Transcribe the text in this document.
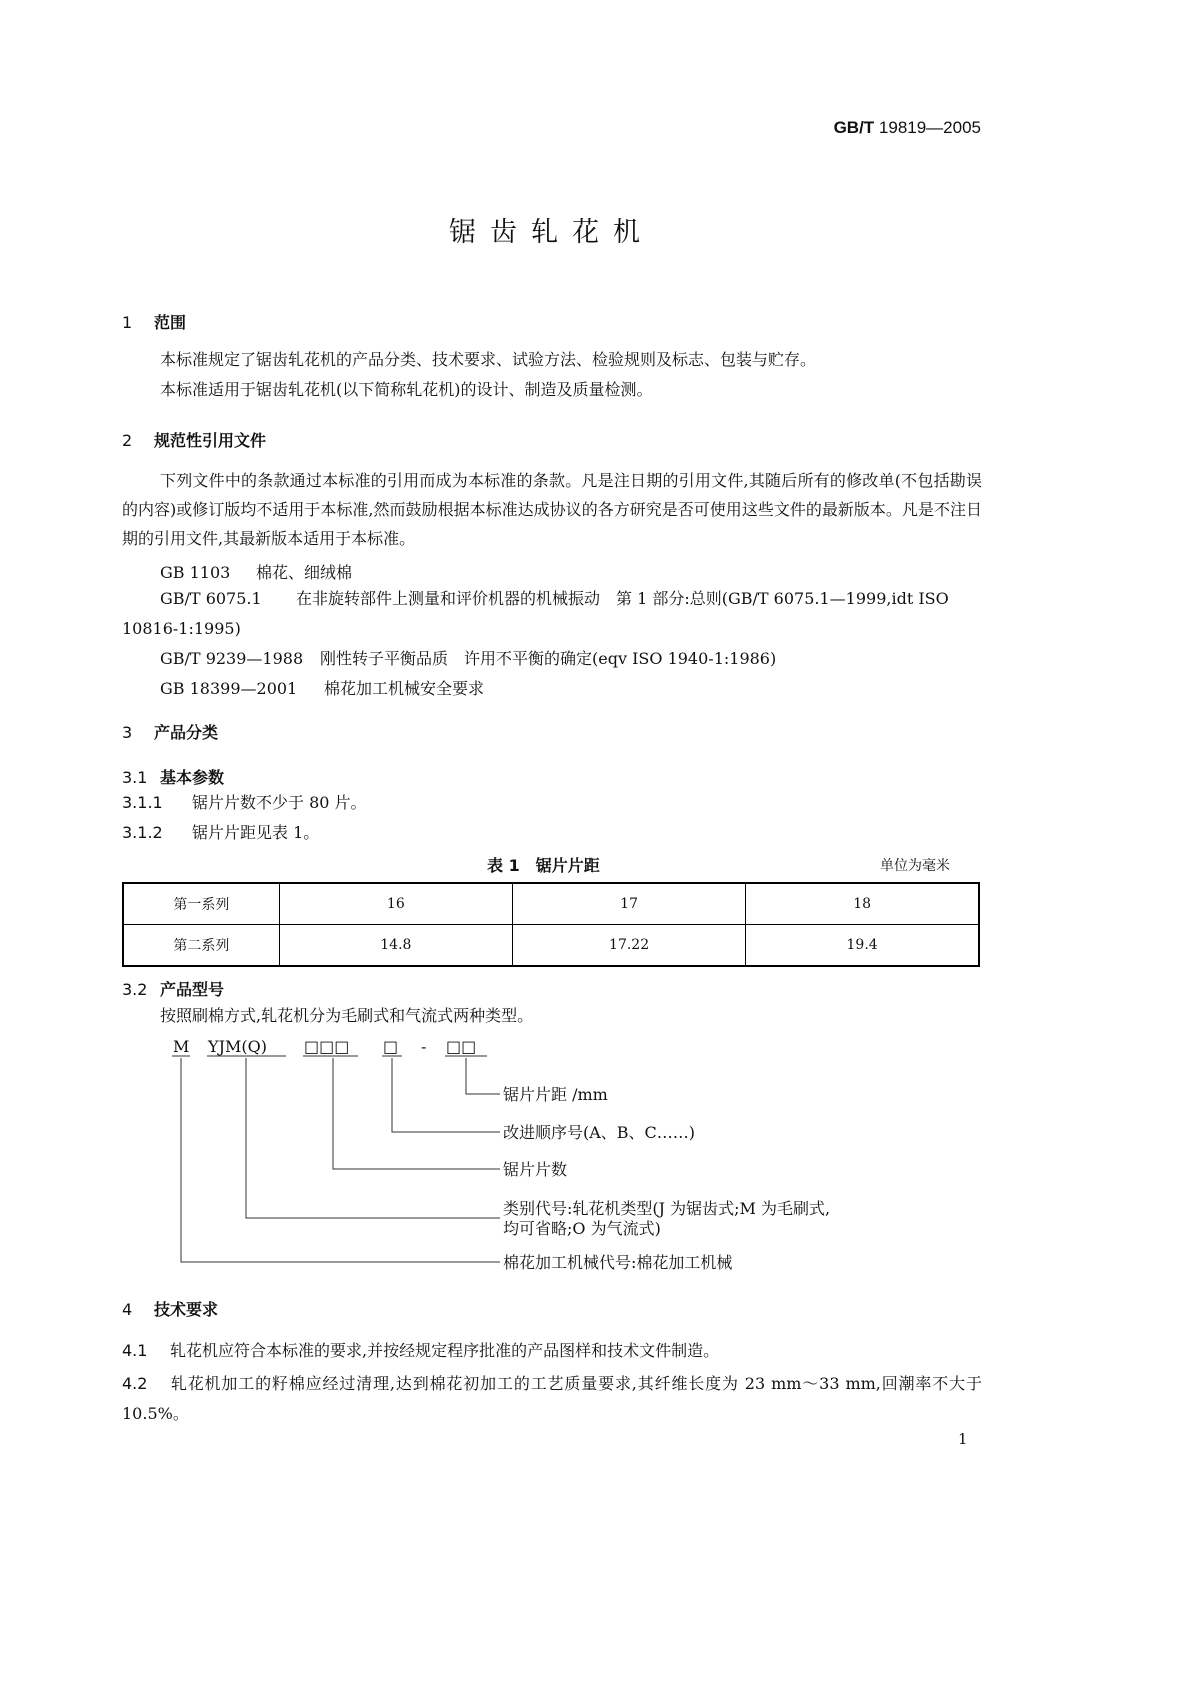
GB/T 19819—2005
锯齿轧花机
1 范围
本标准规定了锯齿轧花机的产品分类、技术要求、试验方法、检验规则及标志、包装与贮存。
本标准适用于锯齿轧花机(以下简称轧花机)的设计、制造及质量检测。
2 规范性引用文件
下列文件中的条款通过本标准的引用而成为本标准的条款。凡是注日期的引用文件,其随后所有的修改单(不包括勘误的内容)或修订版均不适用于本标准,然而鼓励根据本标准达成协议的各方研究是否可使用这些文件的最新版本。凡是不注日期的引用文件,其最新版本适用于本标准。
GB 1103 棉花、细绒棉
GB/T 6075.1 在非旋转部件上测量和评价机器的机械振动　第 1 部分:总则(GB/T 6075.1—1999,idt ISO 10816-1:1995)
GB/T 9239—1988 刚性转子平衡品质　许用不平衡的确定(eqv ISO 1940-1:1986)
GB 18399—2001 棉花加工机械安全要求
3 产品分类
3.1 基本参数
3.1.1 锯片片数不少于 80 片。
3.1.2 锯片片距见表 1。
表 1　锯片片距	单位为毫米
第一系列	16	17	18
第二系列	14.8	17.22	19.4
3.2 产品型号
按照刷棉方式,轧花机分为毛刷式和气流式两种类型。
M YJM(Q) □□□ □ - □□
锯片片距 /mm
改进顺序号(A、B、C……)
锯片片数
类别代号:轧花机类型(J 为锯齿式;M 为毛刷式,
均可省略;O 为气流式)
棉花加工机械代号:棉花加工机械
4 技术要求
4.1 轧花机应符合本标准的要求,并按经规定程序批准的产品图样和技术文件制造。
4.2 轧花机加工的籽棉应经过清理,达到棉花初加工的工艺质量要求,其纤维长度为 23 mm～33 mm,回潮率不大于 10.5%。
1
